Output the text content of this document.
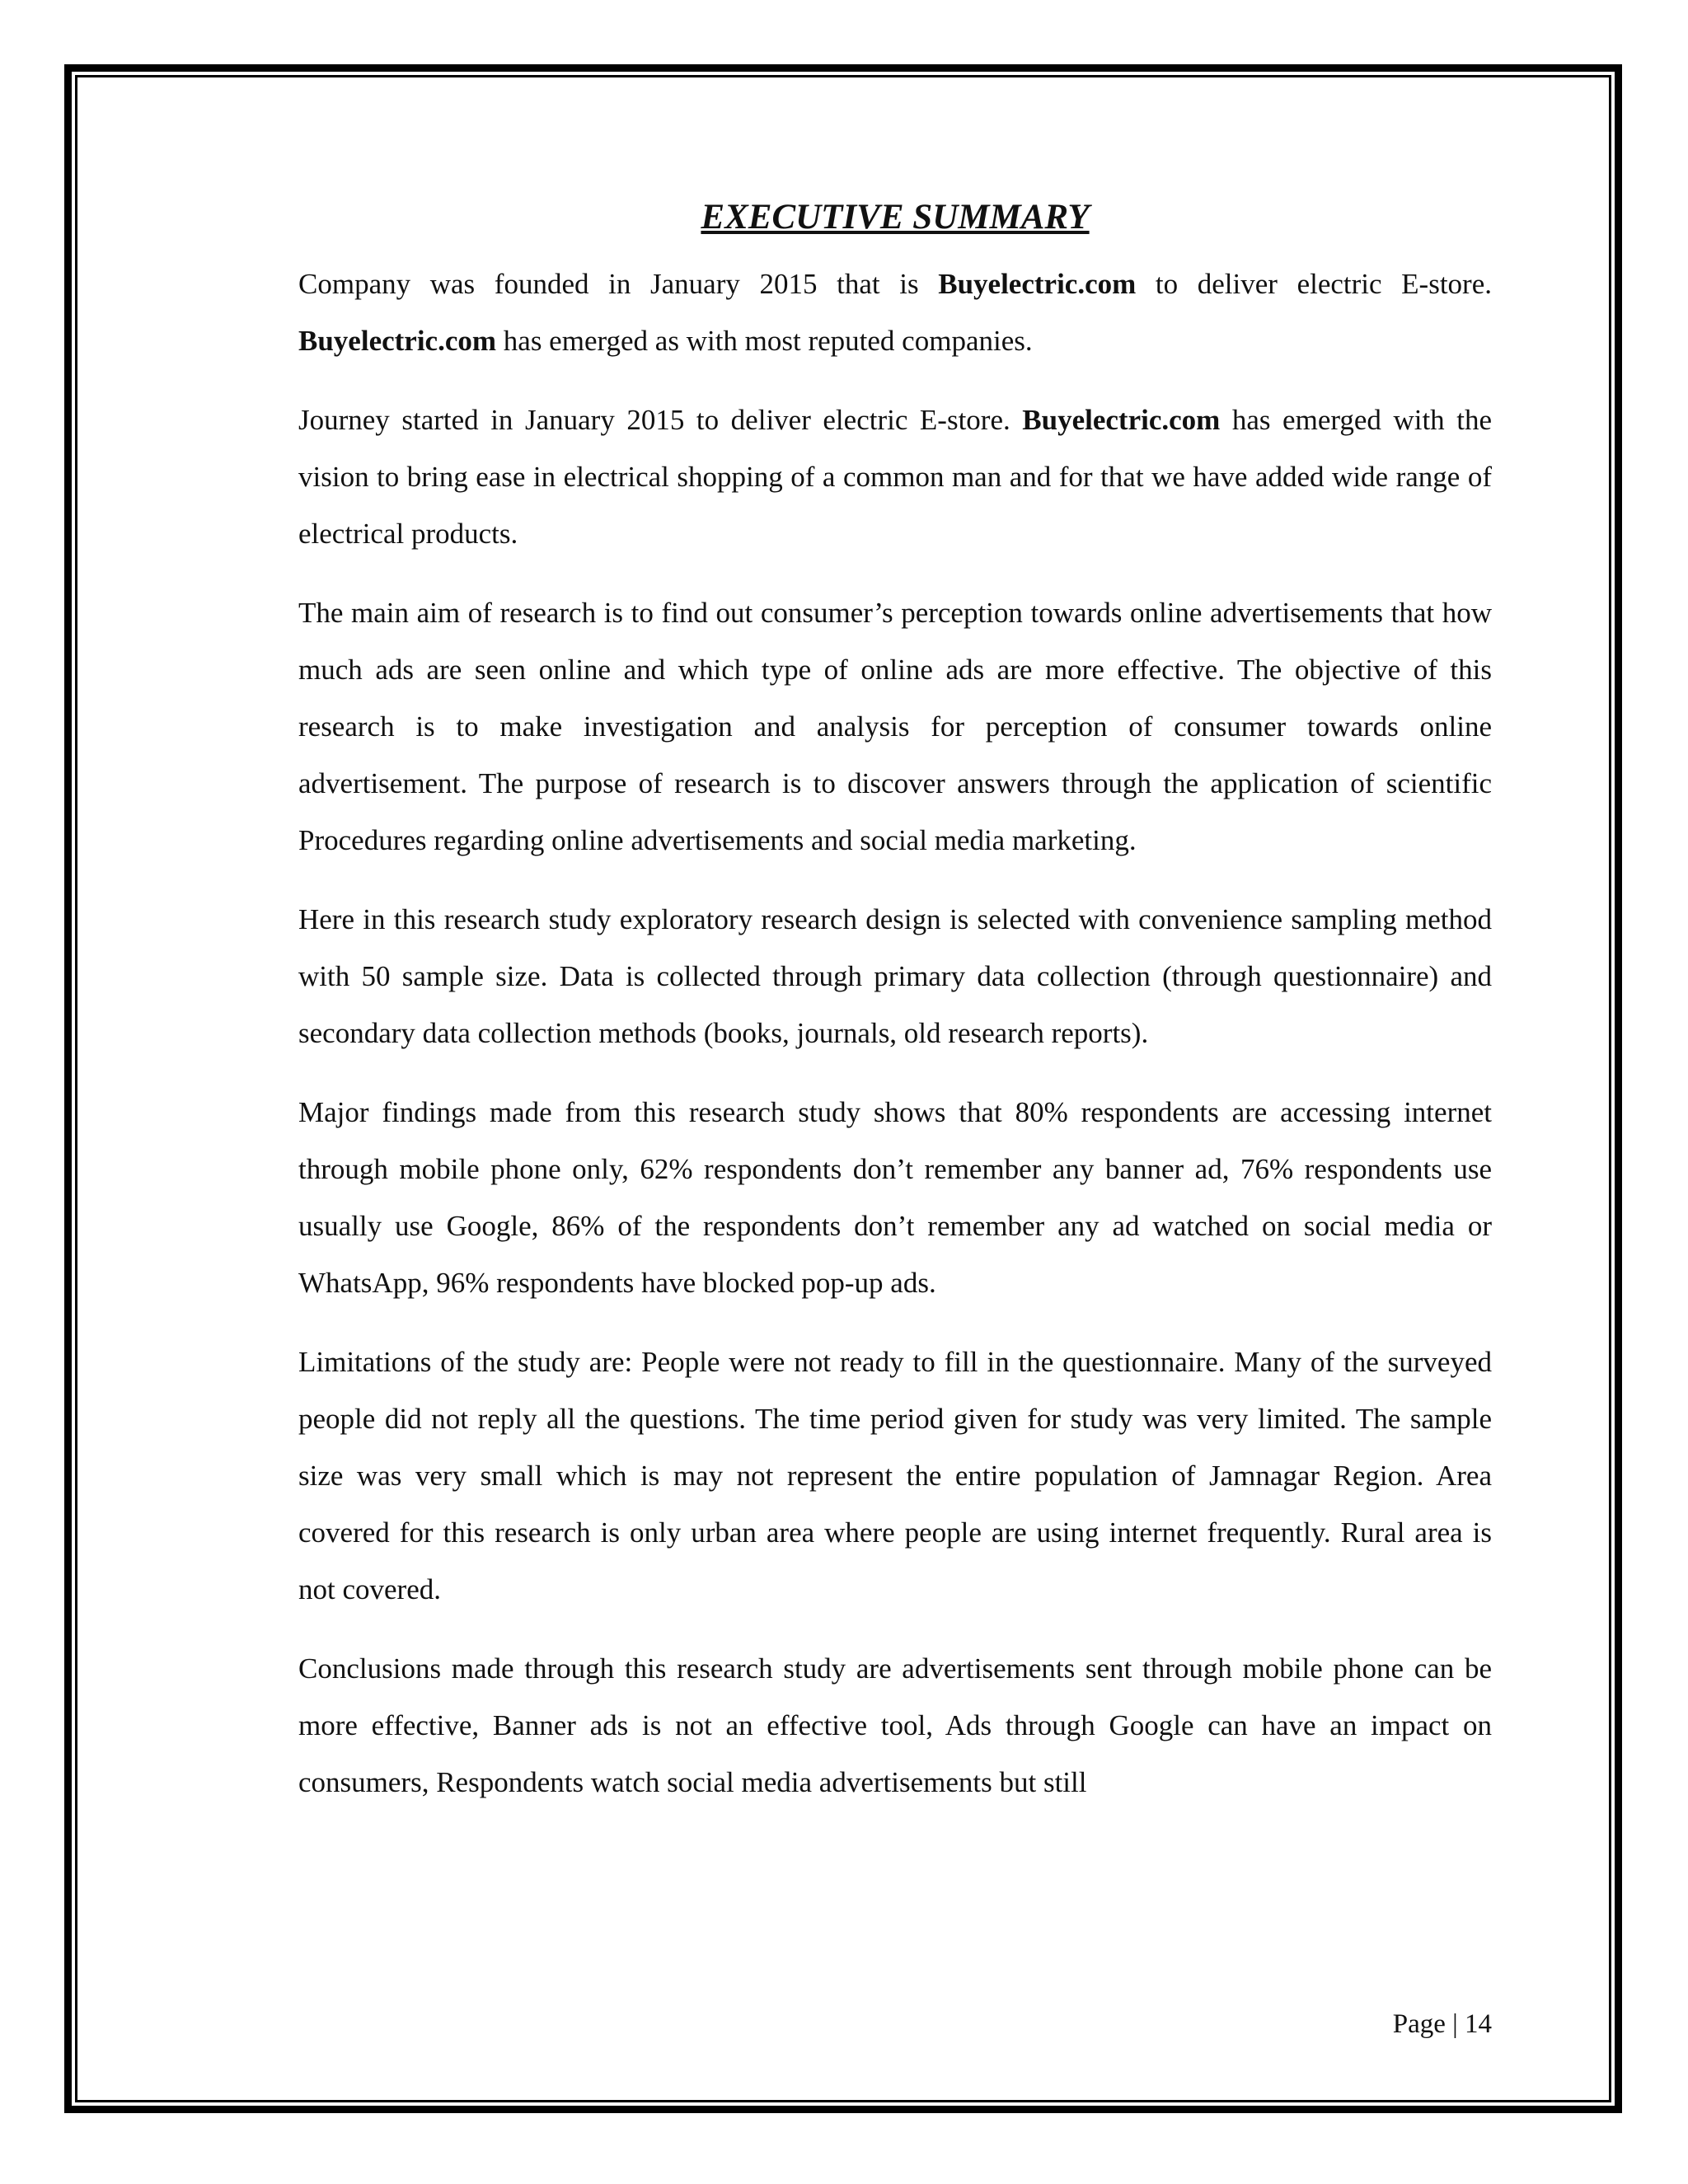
EXECUTIVE SUMMARY

Company was founded in January 2015 that is Buyelectric.com to deliver electric E-store. Buyelectric.com has emerged as with most reputed companies.

Journey started in January 2015 to deliver electric E-store. Buyelectric.com has emerged with the vision to bring ease in electrical shopping of a common man and for that we have added wide range of electrical products.

The main aim of research is to find out consumer’s perception towards online advertisements that how much ads are seen online and which type of online ads are more effective. The objective of this research is to make investigation and analysis for perception of consumer towards online advertisement. The purpose of research is to discover answers through the application of scientific Procedures regarding online advertisements and social media marketing.

Here in this research study exploratory research design is selected with convenience sampling method with 50 sample size. Data is collected through primary data collection (through questionnaire) and secondary data collection methods (books, journals, old research reports).

Major findings made from this research study shows that 80% respondents are accessing internet through mobile phone only, 62% respondents don’t remember any banner ad, 76% respondents use usually use Google, 86% of the respondents don’t remember any ad watched on social media or WhatsApp, 96% respondents have blocked pop-up ads.

Limitations of the study are: People were not ready to fill in the questionnaire. Many of the surveyed people did not reply all the questions. The time period given for study was very limited. The sample size was very small which is may not represent the entire population of Jamnagar Region. Area covered for this research is only urban area where people are using internet frequently. Rural area is not covered.

Conclusions made through this research study are advertisements sent through mobile phone can be more effective, Banner ads is not an effective tool, Ads through Google can have an impact on consumers, Respondents watch social media advertisements but still

Page | 14
